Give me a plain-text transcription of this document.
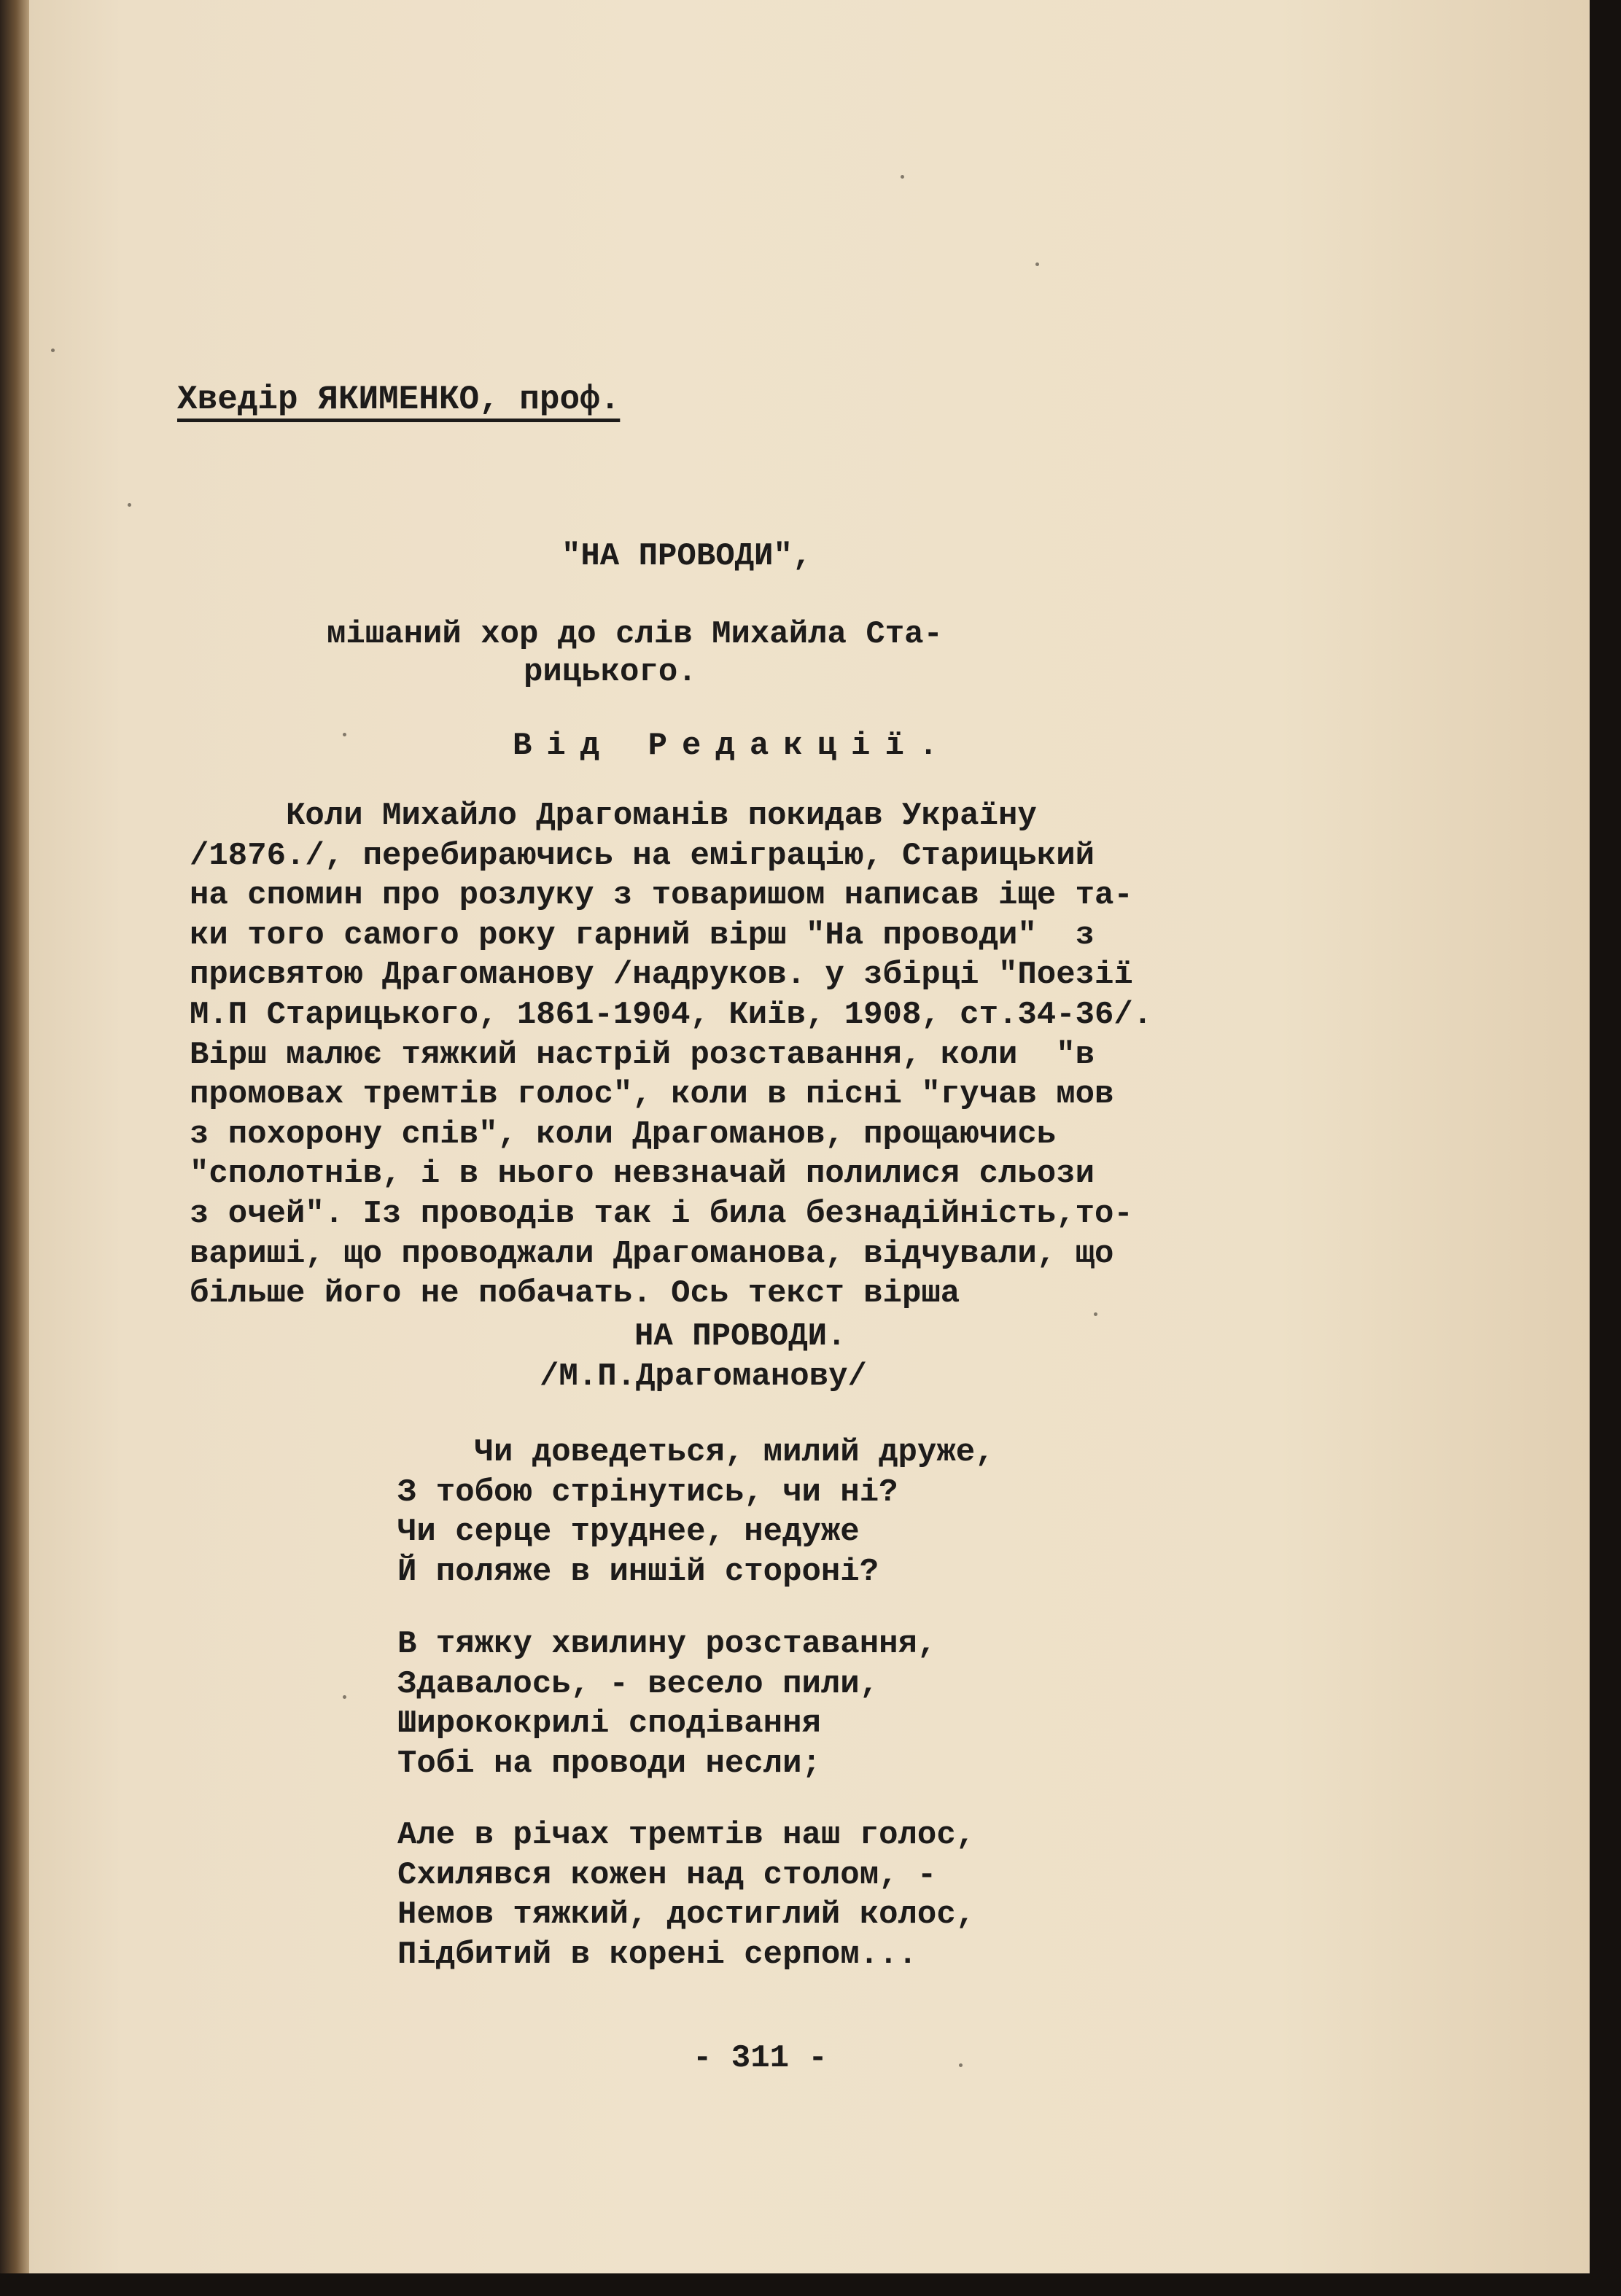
Хведір ЯКИМЕНКО, проф.

"НА ПРОВОДИ",

мішаний хор до слів Михайла Ста-

рицького.

Від Редакції.

Коли Михайло Драгоманів покидав Україну
/1876./, перебираючись на еміграцію, Старицький
на спомин про розлуку з товаришом написав іще та-
ки того самого року гарний вірш "На проводи"  з
присвятою Драгоманову /надруков. у збірці "Поезії
М.П Старицького, 1861-1904, Київ, 1908, ст.34-36/.
Вірш малює тяжкий настрій розставання, коли  "в
промовах тремтів голос", коли в пісні "гучав мов
з похорону спів", коли Драгоманов, прощаючись
"сполотнів, і в нього невзначай полилися сльози
з очей". Із проводів так і била безнадійність,то-
вариші, що проводжали Драгоманова, відчували, що
більше його не побачать. Ось текст вірша

НА ПРОВОДИ.

/М.П.Драгоманову/

Чи доведеться, милий друже,
З тобою стрінутись, чи ні?
Чи серце труднее, недуже
Й поляже в иншій стороні?

В тяжку хвилину розставання,
Здавалось, - весело пили,
Ширококрилі сподівання
Тобі на проводи несли;

Але в річах тремтів наш голос,
Схилявся кожен над столом, -
Немов тяжкий, достиглий колос,
Підбитий в корені серпом...

- 311 -
